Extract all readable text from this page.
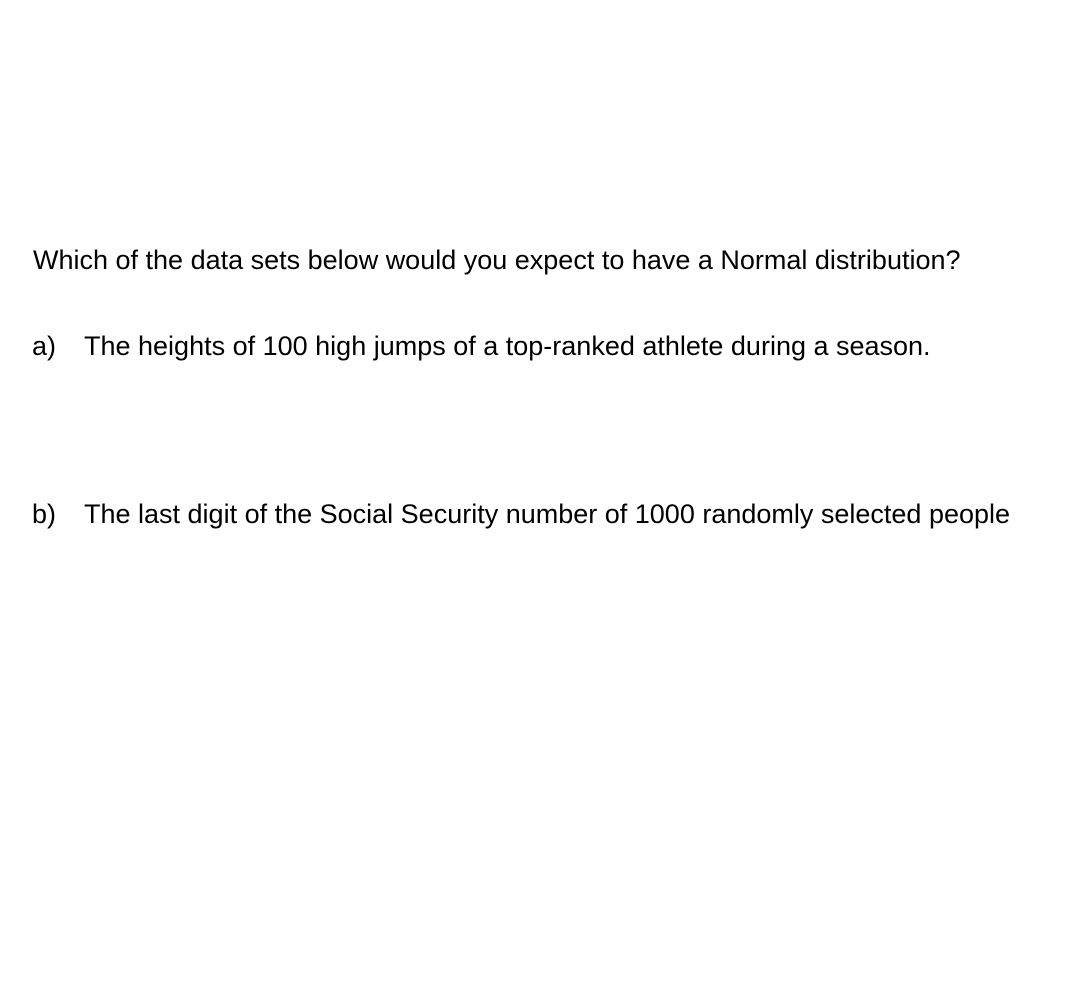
Which of the data sets below would you expect to have a Normal distribution?
a) The heights of 100 high jumps of a top-ranked athlete during a season.
b) The last digit of the Social Security number of 1000 randomly selected people
